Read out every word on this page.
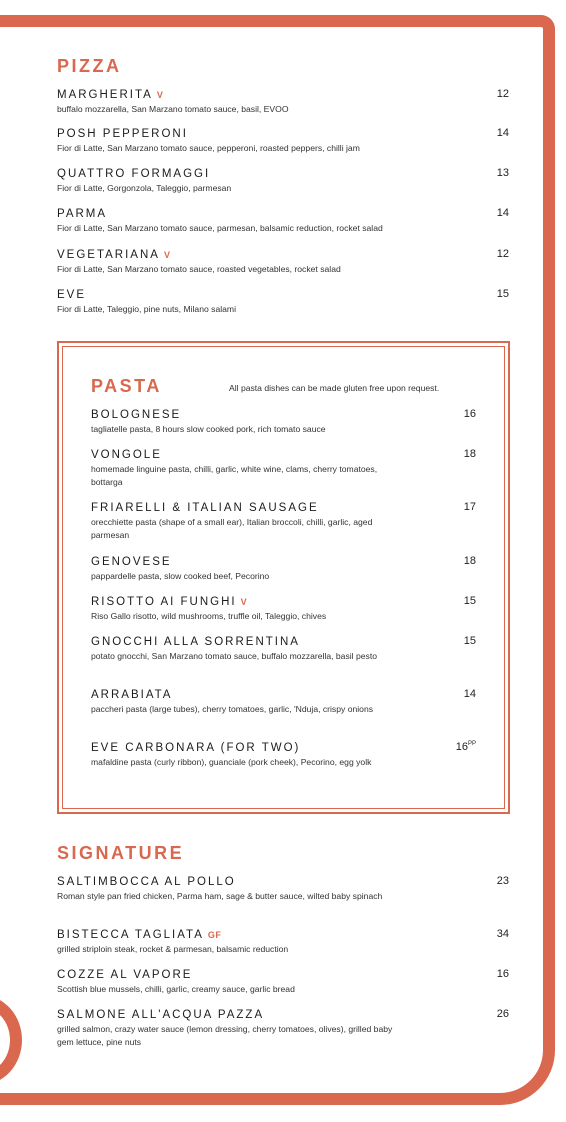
PIZZA
MARGHERITA V
buffalo mozzarella, San Marzano tomato sauce, basil, EVOO
12
POSH PEPPERONI
Fior di Latte, San Marzano tomato sauce, pepperoni, roasted peppers, chilli jam
14
QUATTRO FORMAGGI
Fior di Latte, Gorgonzola, Taleggio, parmesan
13
PARMA
Fior di Latte, San Marzano tomato sauce, parmesan, balsamic reduction, rocket salad
14
VEGETARIANA V
Fior di Latte, San Marzano tomato sauce, roasted vegetables, rocket salad
12
EVE
Fior di Latte, Taleggio, pine nuts, Milano salami
15
PASTA	All pasta dishes can be made gluten free upon request.
BOLOGNESE
tagliatelle pasta, 8 hours slow cooked pork, rich tomato sauce
16
VONGOLE
homemade linguine pasta, chilli, garlic, white wine, clams, cherry tomatoes, bottarga
18
FRIARELLI & ITALIAN SAUSAGE
orecchiette pasta (shape of a small ear), Italian broccoli, chilli, garlic, aged parmesan
17
GENOVESE
pappardelle pasta, slow cooked beef, Pecorino
18
RISOTTO AI FUNGHI V
Riso Gallo risotto, wild mushrooms, truffle oil, Taleggio, chives
15
GNOCCHI ALLA SORRENTINA
potato gnocchi, San Marzano tomato sauce, buffalo mozzarella, basil pesto
15
ARRABIATA
paccheri pasta (large tubes), cherry tomatoes, garlic, 'Nduja, crispy onions
14
EVE CARBONARA (FOR TWO)
mafaldine pasta (curly ribbon), guanciale (pork cheek), Pecorino, egg yolk
$16^{PP}$
SIGNATURE
SALTIMBOCCA AL POLLO
Roman style pan fried chicken, Parma ham, sage & butter sauce, wilted baby spinach
23
BISTECCA TAGLIATA GF
grilled striploin steak, rocket & parmesan, balsamic reduction
34
COZZE AL VAPORE
Scottish blue mussels, chilli, garlic, creamy sauce, garlic bread
16
SALMONE ALL'ACQUA PAZZA
grilled salmon, crazy water sauce (lemon dressing, cherry tomatoes, olives), grilled baby gem lettuce, pine nuts
26
